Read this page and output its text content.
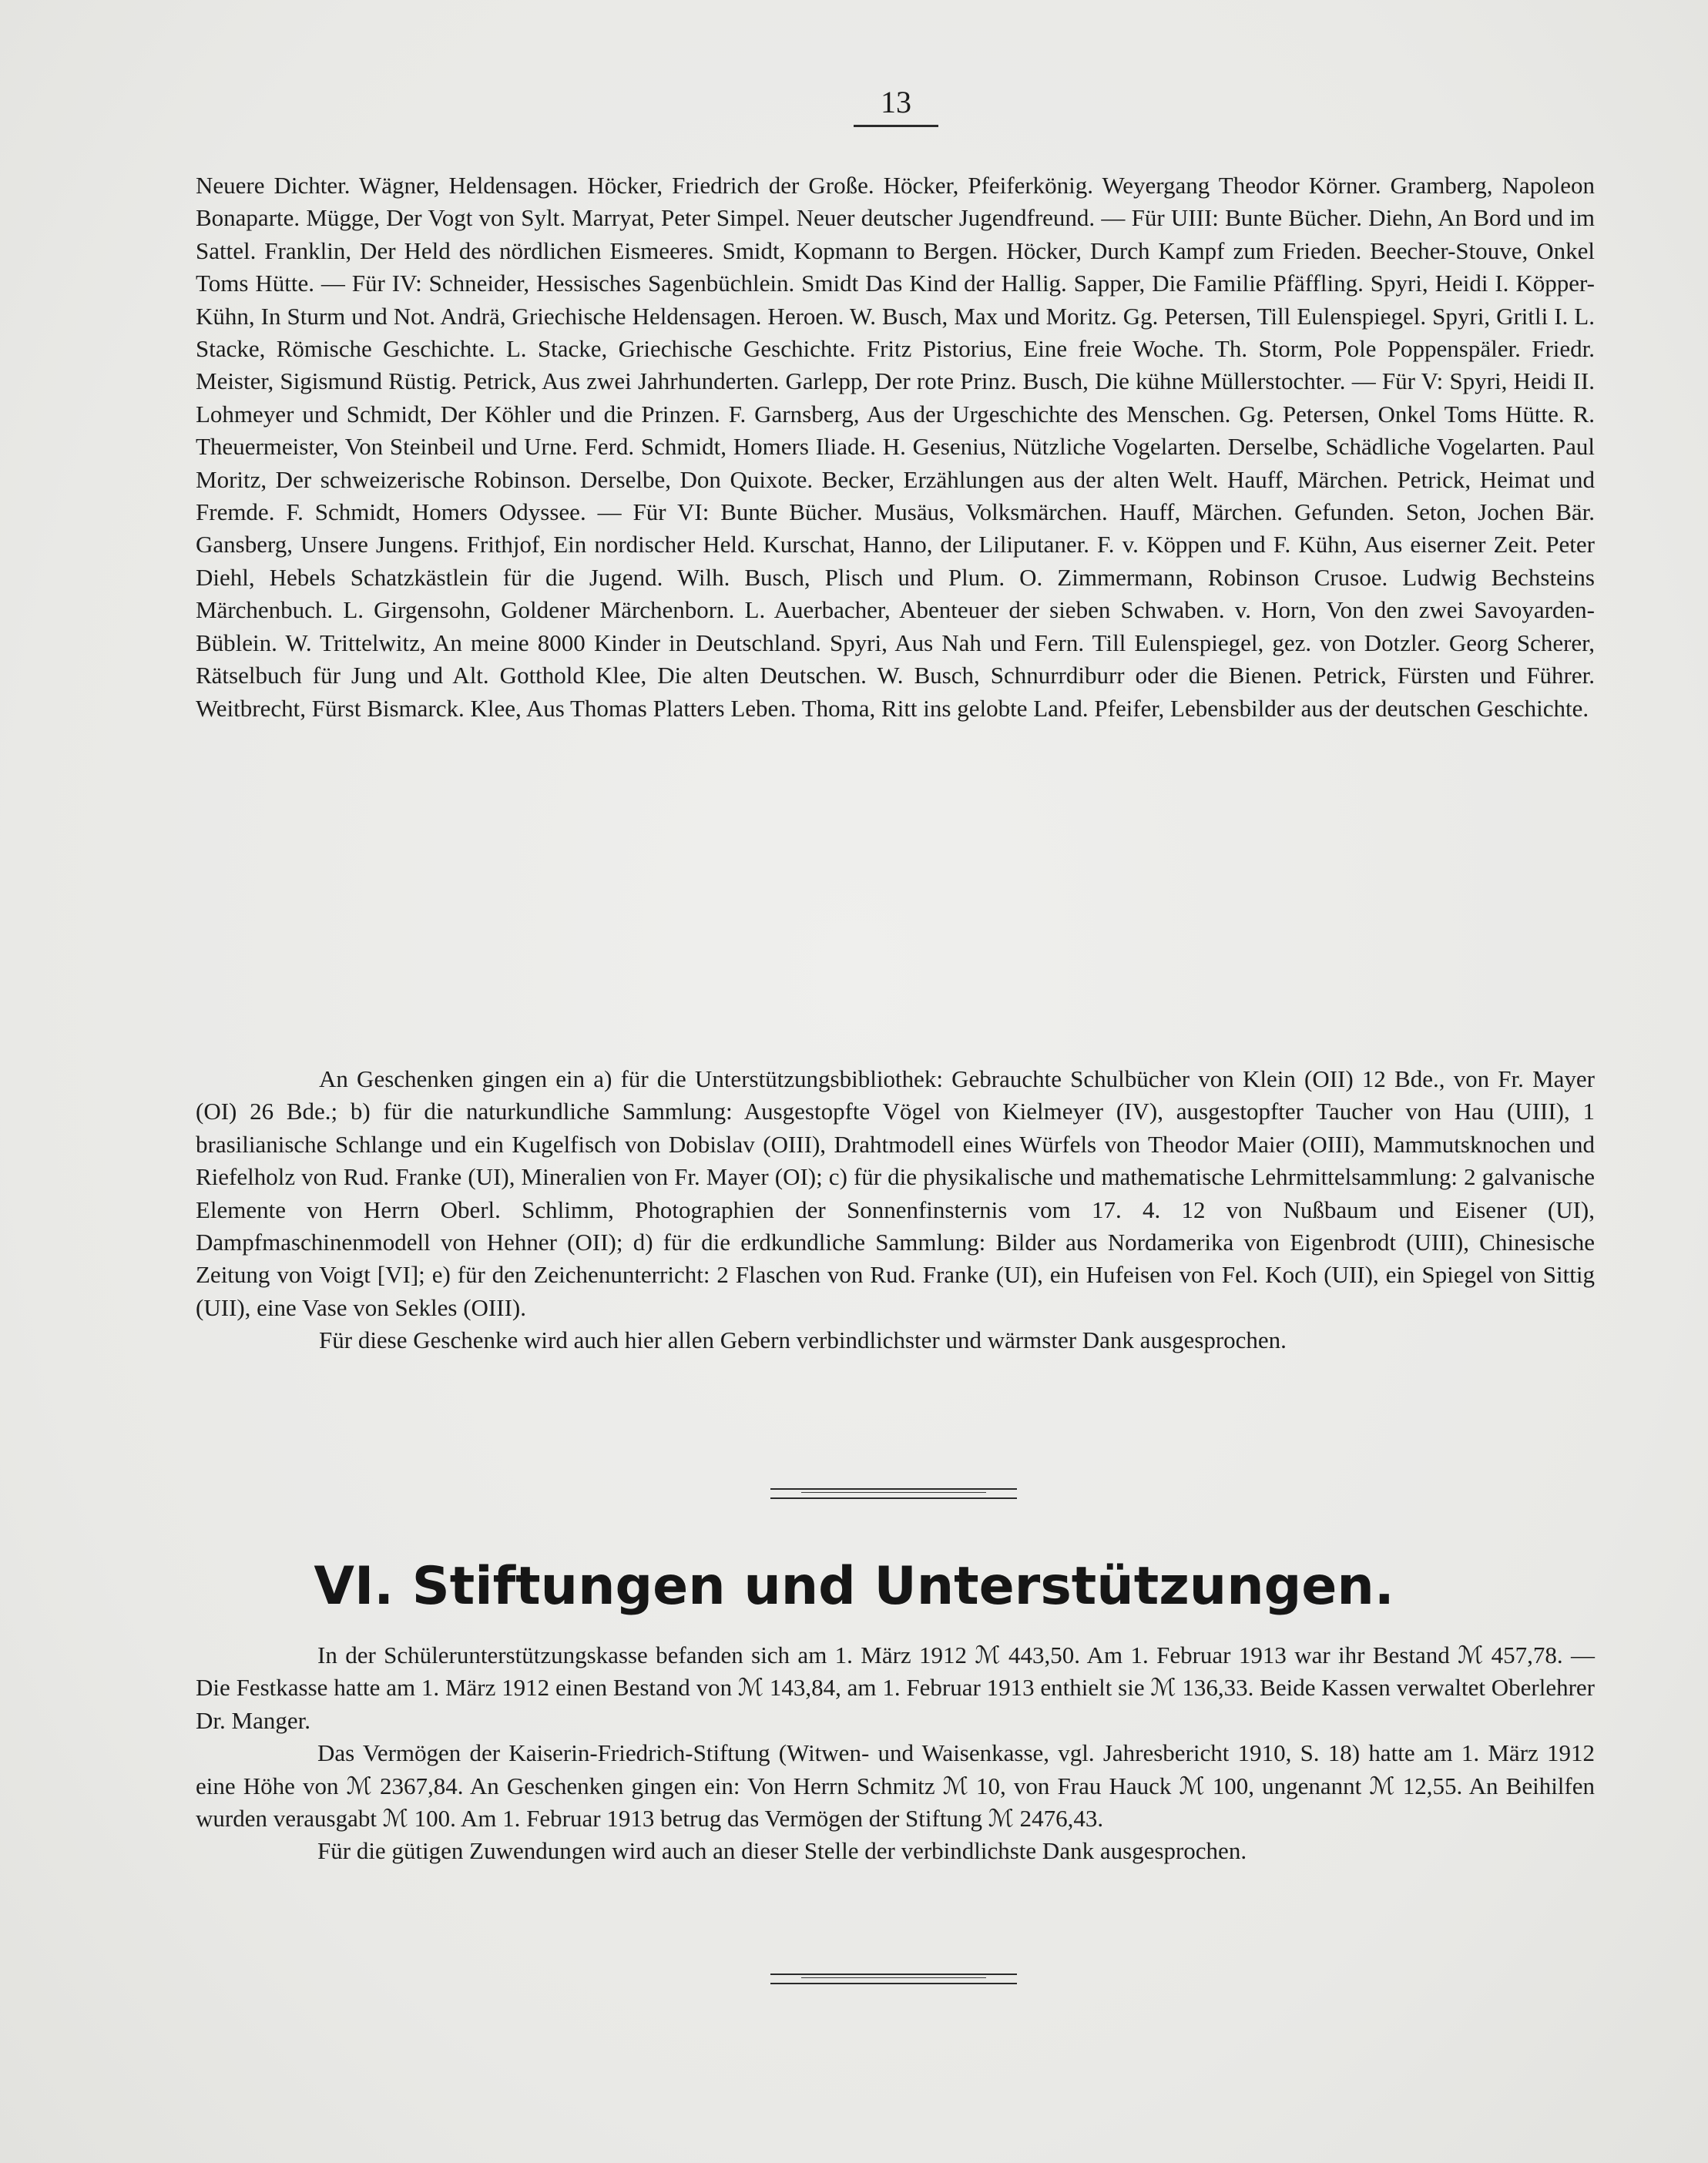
13

Neuere Dichter. Wägner, Heldensagen. Höcker, Friedrich der Große. Höcker, Pfeiferkönig. Weyergang Theodor Körner. Gramberg, Napoleon Bonaparte. Mügge, Der Vogt von Sylt. Marryat, Peter Simpel. Neuer deutscher Jugendfreund. — Für UIII: Bunte Bücher. Diehn, An Bord und im Sattel. Franklin, Der Held des nördlichen Eismeeres. Smidt, Kopmann to Bergen. Höcker, Durch Kampf zum Frieden. Beecher-Stouve, Onkel Toms Hütte. — Für IV: Schneider, Hessisches Sagenbüchlein. Smidt Das Kind der Hallig. Sapper, Die Familie Pfäffling. Spyri, Heidi I. Köpper-Kühn, In Sturm und Not. Andrä, Griechische Heldensagen. Heroen. W. Busch, Max und Moritz. Gg. Petersen, Till Eulenspiegel. Spyri, Gritli I. L. Stacke, Römische Geschichte. L. Stacke, Griechische Geschichte. Fritz Pistorius, Eine freie Woche. Th. Storm, Pole Poppenspäler. Friedr. Meister, Sigismund Rüstig. Petrick, Aus zwei Jahrhunderten. Garlepp, Der rote Prinz. Busch, Die kühne Müllerstochter. — Für V: Spyri, Heidi II. Lohmeyer und Schmidt, Der Köhler und die Prinzen. F. Garnsberg, Aus der Urgeschichte des Menschen. Gg. Petersen, Onkel Toms Hütte. R. Theuermeister, Von Steinbeil und Urne. Ferd. Schmidt, Homers Iliade. H. Gesenius, Nützliche Vogelarten. Derselbe, Schädliche Vogelarten. Paul Moritz, Der schweizerische Robinson. Derselbe, Don Quixote. Becker, Erzählungen aus der alten Welt. Hauff, Märchen. Petrick, Heimat und Fremde. F. Schmidt, Homers Odyssee. — Für VI: Bunte Bücher. Musäus, Volksmärchen. Hauff, Märchen. Gefunden. Seton, Jochen Bär. Gansberg, Unsere Jungens. Frithjof, Ein nordischer Held. Kurschat, Hanno, der Liliputaner. F. v. Köppen und F. Kühn, Aus eiserner Zeit. Peter Diehl, Hebels Schatzkästlein für die Jugend. Wilh. Busch, Plisch und Plum. O. Zimmermann, Robinson Crusoe. Ludwig Bechsteins Märchenbuch. L. Girgensohn, Goldener Märchenborn. L. Auerbacher, Abenteuer der sieben Schwaben. v. Horn, Von den zwei Savoyarden-Büblein. W. Trittelwitz, An meine 8000 Kinder in Deutschland. Spyri, Aus Nah und Fern. Till Eulenspiegel, gez. von Dotzler. Georg Scherer, Rätselbuch für Jung und Alt. Gotthold Klee, Die alten Deutschen. W. Busch, Schnurrdiburr oder die Bienen. Petrick, Fürsten und Führer. Weitbrecht, Fürst Bismarck. Klee, Aus Thomas Platters Leben. Thoma, Ritt ins gelobte Land. Pfeifer, Lebensbilder aus der deutschen Geschichte.

An Geschenken gingen ein a) für die Unterstützungsbibliothek: Gebrauchte Schulbücher von Klein (OII) 12 Bde., von Fr. Mayer (OI) 26 Bde.; b) für die naturkundliche Sammlung: Ausgestopfte Vögel von Kielmeyer (IV), ausgestopfter Taucher von Hau (UIII), 1 brasilianische Schlange und ein Kugelfisch von Dobislav (OIII), Drahtmodell eines Würfels von Theodor Maier (OIII), Mammutsknochen und Riefelholz von Rud. Franke (UI), Mineralien von Fr. Mayer (OI); c) für die physikalische und mathematische Lehrmittelsammlung: 2 galvanische Elemente von Herrn Oberl. Schlimm, Photographien der Sonnenfinsternis vom 17. 4. 12 von Nußbaum und Eisener (UI), Dampfmaschinenmodell von Hehner (OII); d) für die erdkundliche Sammlung: Bilder aus Nordamerika von Eigenbrodt (UIII), Chinesische Zeitung von Voigt [VI]; e) für den Zeichenunterricht: 2 Flaschen von Rud. Franke (UI), ein Hufeisen von Fel. Koch (UII), ein Spiegel von Sittig (UII), eine Vase von Sekles (OIII).

Für diese Geschenke wird auch hier allen Gebern verbindlichster und wärmster Dank ausgesprochen.

VI. Stiftungen und Unterstützungen.

In der Schülerunterstützungskasse befanden sich am 1. März 1912 ℳ 443,50. Am 1. Februar 1913 war ihr Bestand ℳ 457,78. — Die Festkasse hatte am 1. März 1912 einen Bestand von ℳ 143,84, am 1. Februar 1913 enthielt sie ℳ 136,33. Beide Kassen verwaltet Oberlehrer Dr. Manger.

Das Vermögen der Kaiserin-Friedrich-Stiftung (Witwen- und Waisenkasse, vgl. Jahresbericht 1910, S. 18) hatte am 1. März 1912 eine Höhe von ℳ 2367,84. An Geschenken gingen ein: Von Herrn Schmitz ℳ 10, von Frau Hauck ℳ 100, ungenannt ℳ 12,55. An Beihilfen wurden verausgabt ℳ 100. Am 1. Februar 1913 betrug das Vermögen der Stiftung ℳ 2476,43.

Für die gütigen Zuwendungen wird auch an dieser Stelle der verbindlichste Dank ausgesprochen.
